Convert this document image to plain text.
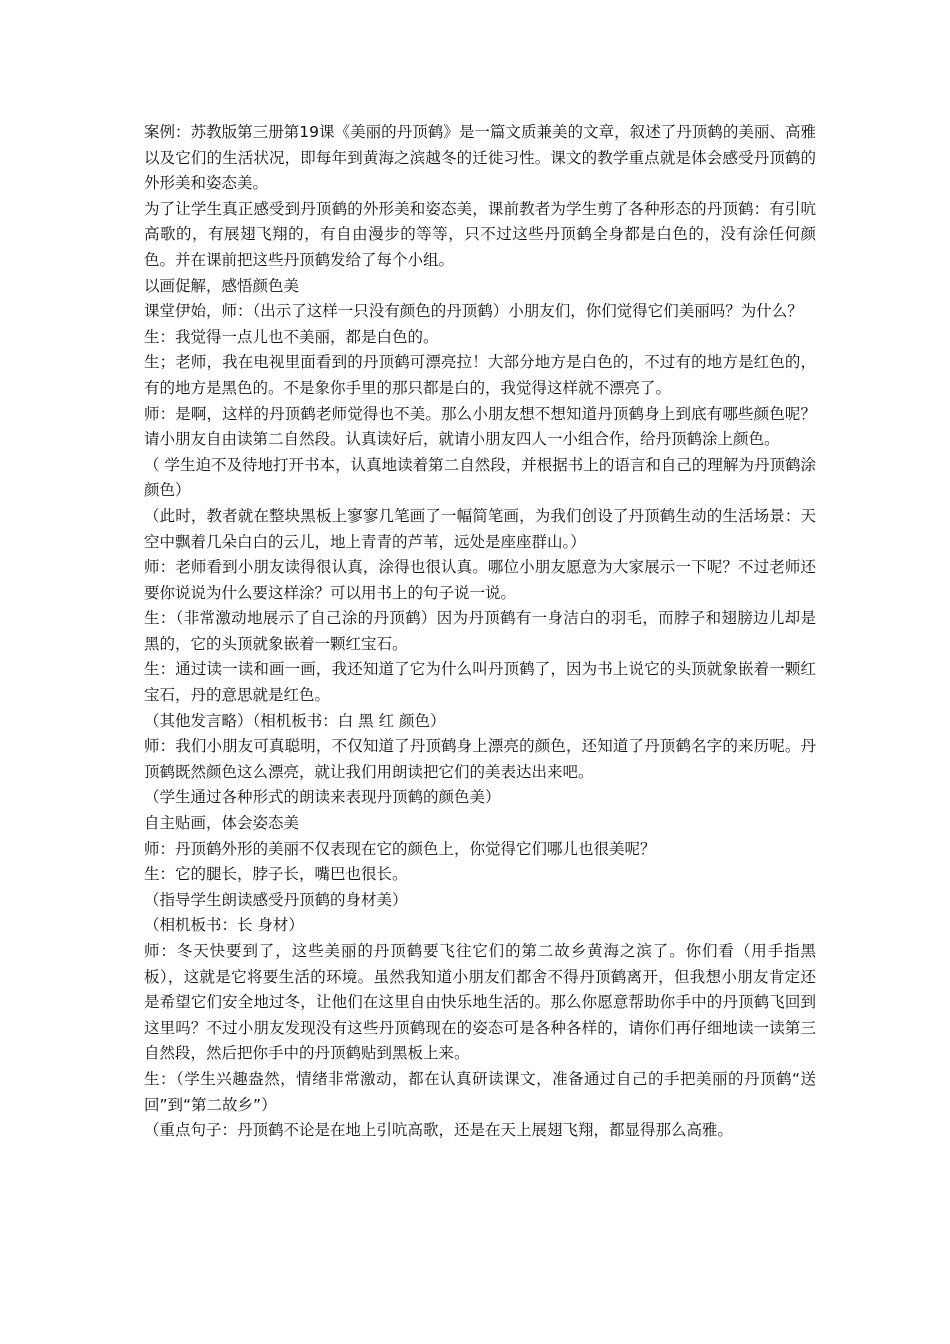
案例：苏教版第三册第19课《美丽的丹顶鹤》是一篇文质兼美的文章，叙述了丹顶鹤的美丽、高雅以及它们的生活状况，即每年到黄海之滨越冬的迁徙习性。课文的教学重点就是体会感受丹顶鹤的外形美和姿态美。

为了让学生真正感受到丹顶鹤的外形美和姿态美，课前教者为学生剪了各种形态的丹顶鹤：有引吭高歌的，有展翅飞翔的，有自由漫步的等等，只不过这些丹顶鹤全身都是白色的，没有涂任何颜色。并在课前把这些丹顶鹤发给了每个小组。

以画促解，感悟颜色美

课堂伊始，师：（出示了这样一只没有颜色的丹顶鹤）小朋友们，你们觉得它们美丽吗？为什么？

生：我觉得一点儿也不美丽，都是白色的。

生；老师，我在电视里面看到的丹顶鹤可漂亮拉！大部分地方是白色的，不过有的地方是红色的，有的地方是黑色的。不是象你手里的那只都是白的，我觉得这样就不漂亮了。

师：是啊，这样的丹顶鹤老师觉得也不美。那么小朋友想不想知道丹顶鹤身上到底有哪些颜色呢？请小朋友自由读第二自然段。认真读好后，就请小朋友四人一小组合作，给丹顶鹤涂上颜色。

（ 学生迫不及待地打开书本，认真地读着第二自然段，并根据书上的语言和自己的理解为丹顶鹤涂颜色）

（此时，教者就在整块黑板上寥寥几笔画了一幅简笔画，为我们创设了丹顶鹤生动的生活场景：天空中飘着几朵白白的云儿，地上青青的芦苇，远处是座座群山。）

师：老师看到小朋友读得很认真，涂得也很认真。哪位小朋友愿意为大家展示一下呢？不过老师还要你说说为什么要这样涂？可以用书上的句子说一说。

生：（非常激动地展示了自己涂的丹顶鹤）因为丹顶鹤有一身洁白的羽毛，而脖子和翅膀边儿却是黑的，它的头顶就象嵌着一颗红宝石。

生：通过读一读和画一画，我还知道了它为什么叫丹顶鹤了，因为书上说它的头顶就象嵌着一颗红宝石，丹的意思就是红色。

（其他发言略）（相机板书：白 黑 红 颜色）

师：我们小朋友可真聪明，不仅知道了丹顶鹤身上漂亮的颜色，还知道了丹顶鹤名字的来历呢。丹顶鹤既然颜色这么漂亮，就让我们用朗读把它们的美表达出来吧。

（学生通过各种形式的朗读来表现丹顶鹤的颜色美）

自主贴画，体会姿态美

师：丹顶鹤外形的美丽不仅表现在它的颜色上，你觉得它们哪儿也很美呢？

生：它的腿长，脖子长，嘴巴也很长。

（指导学生朗读感受丹顶鹤的身材美）

（相机板书：长 身材）

师：冬天快要到了，这些美丽的丹顶鹤要飞往它们的第二故乡黄海之滨了。你们看（用手指黑板），这就是它将要生活的环境。虽然我知道小朋友们都舍不得丹顶鹤离开，但我想小朋友肯定还是希望它们安全地过冬，让他们在这里自由快乐地生活的。那么你愿意帮助你手中的丹顶鹤飞回到这里吗？不过小朋友发现没有这些丹顶鹤现在的姿态可是各种各样的，请你们再仔细地读一读第三自然段，然后把你手中的丹顶鹤贴到黑板上来。

生：（学生兴趣盎然，情绪非常激动，都在认真研读课文，准备通过自己的手把美丽的丹顶鹤“送回”到“第二故乡”）

（重点句子：丹顶鹤不论是在地上引吭高歌，还是在天上展翅飞翔，都显得那么高雅。
